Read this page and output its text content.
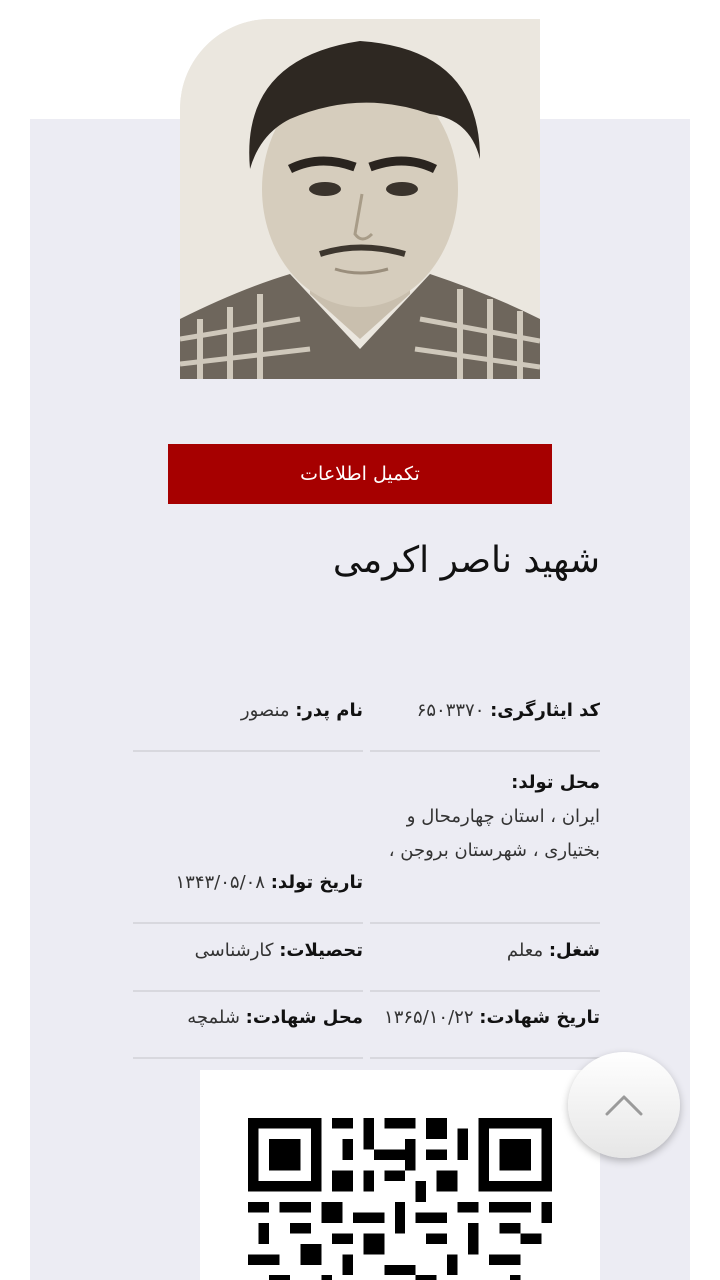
تکمیل اطلاعات
شهید ناصر اکرمی
کد ایثارگری: ۶۵۰۳۳۷۰
نام پدر: منصور
محل تولد:
ایران ، استان چهارمحال و بختیاری ، شهرستان بروجن ،
تاریخ تولد: ۱۳۴۳/۰۵/۰۸
شغل: معلم
تحصیلات: کارشناسی
تاریخ شهادت: ۱۳۶۵/۱۰/۲۲
محل شهادت: شلمچه
